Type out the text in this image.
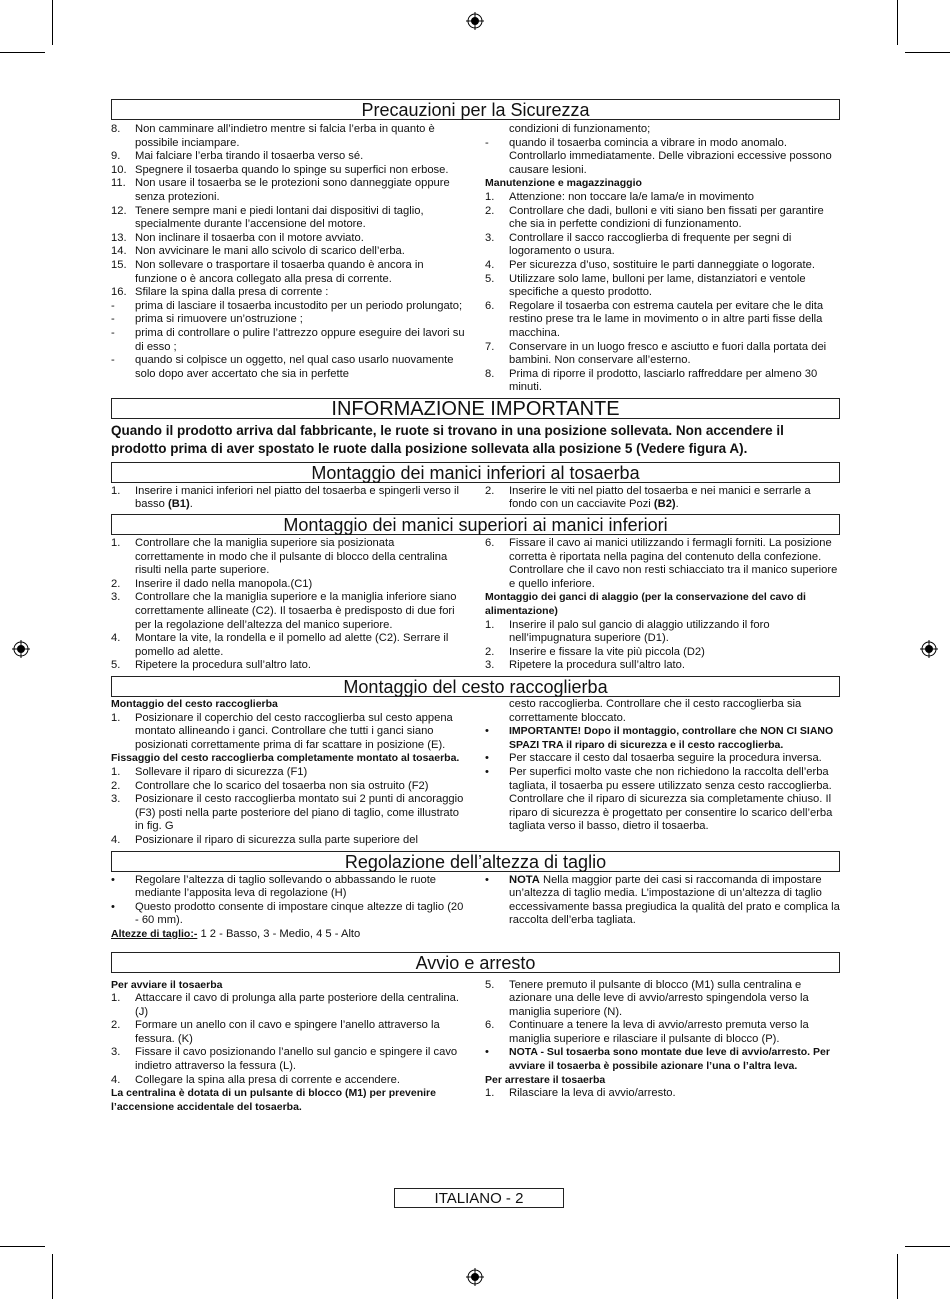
Precauzioni per la Sicurezza
8.	Non camminare all’indietro mentre si falcia l’erba in quanto è possibile inciampare.
9.	Mai falciare l’erba tirando il tosaerba verso sé.
10. Spegnere il tosaerba quando lo spinge su superfici non erbose.
11. Non usare il tosaerba se le protezioni sono danneggiate oppure senza protezioni.
12. Tenere sempre mani e piedi lontani dai dispositivi di taglio, specialmente durante l’accensione del motore.
13. Non inclinare il tosaerba con il motore avviato.
14. Non avvicinare le mani allo scivolo di scarico dell’erba.
15. Non sollevare o trasportare il tosaerba quando è ancora in funzione o è ancora collegato alla presa di corrente.
16. Sfilare la spina dalla presa di corrente :
-	prima di lasciare il tosaerba incustodito per un periodo prolungato;
-	prima si rimuovere un’ostruzione ;
-	prima di controllare o pulire l’attrezzo oppure eseguire dei lavori su di esso ;
-	quando si colpisce un oggetto, nel qual caso usarlo nuovamente solo dopo aver accertato che sia in perfette
condizioni di funzionamento;
-	quando il tosaerba comincia a vibrare in modo anomalo. Controllarlo immediatamente. Delle vibrazioni eccessive possono causare lesioni.
Manutenzione e magazzinaggio
1.	Attenzione: non toccare la/e lama/e in movimento
2.	Controllare che dadi, bulloni e viti siano ben fissati per garantire che sia in perfette condizioni di funzionamento.
3.	Controllare il sacco raccoglierba di frequente per segni di logoramento o usura.
4.	Per sicurezza d’uso, sostituire le parti danneggiate o logorate.
5.	Utilizzare solo lame, bulloni per lame, distanziatori e ventole specifiche a questo prodotto.
6.	Regolare il tosaerba con estrema cautela per evitare che le dita restino prese tra le lame in movimento o in altre parti fisse della macchina.
7.	Conservare in un luogo fresco e asciutto e fuori dalla portata dei bambini. Non conservare all’esterno.
8.	Prima di riporre il prodotto, lasciarlo raffreddare per almeno 30 minuti.
INFORMAZIONE IMPORTANTE
Quando il prodotto arriva dal fabbricante, le ruote si trovano in una posizione sollevata. Non accendere il prodotto prima di aver spostato le ruote dalla posizione sollevata alla posizione 5 (Vedere figura A).
Montaggio dei manici inferiori al tosaerba
1.	Inserire i manici inferiori nel piatto del tosaerba e spingerli verso il basso (B1).
2.	Inserire le viti nel piatto del tosaerba e nei manici e serrarle a fondo con un cacciavite Pozi (B2).
Montaggio dei manici superiori ai manici inferiori
1.	Controllare che la maniglia superiore sia posizionata correttamente in modo che il pulsante di blocco della centralina risulti nella parte superiore.
2.	Inserire il dado nella manopola.(C1)
3.	Controllare che la maniglia superiore e la maniglia inferiore siano correttamente allineate (C2). Il tosaerba è predisposto di due fori per la regolazione dell’altezza del manico superiore.
4.	Montare la vite, la rondella e il pomello ad alette (C2). Serrare il pomello ad alette.
5.	Ripetere la procedura sull’altro lato.
6.	Fissare il cavo ai manici utilizzando i fermagli forniti. La posizione corretta è riportata nella pagina del contenuto della confezione.
Controllare che il cavo non resti schiacciato tra il manico superiore e quello inferiore.
Montaggio dei ganci di alaggio (per la conservazione del cavo di alimentazione)
1.	Inserire il palo sul gancio di alaggio utilizzando il foro nell’impugnatura superiore (D1).
2.	Inserire e fissare la vite più piccola (D2)
3.	Ripetere la procedura sull’altro lato.
Montaggio del cesto raccoglierba
Montaggio del cesto raccoglierba
1.	Posizionare il coperchio del cesto raccoglierba sul cesto appena montato allineando i ganci. Controllare che tutti i ganci siano posizionati correttamente prima di far scattare in posizione (E).
Fissaggio del cesto raccoglierba completamente montato al tosaerba.
1.	Sollevare il riparo di sicurezza (F1)
2.	Controllare che lo scarico del tosaerba non sia ostruito (F2)
3.	Posizionare il cesto raccoglierba montato sui 2 punti di ancoraggio (F3) posti nella parte posteriore del piano di taglio, come illustrato in fig. G
4.	Posizionare il riparo di sicurezza sulla parte superiore del
cesto raccoglierba. Controllare che il cesto raccoglierba sia correttamente bloccato.
•	IMPORTANTE! Dopo il montaggio, controllare che NON CI SIANO SPAZI TRA il riparo di sicurezza e il cesto raccoglierba.
•	Per staccare il cesto dal tosaerba seguire la procedura inversa.
•	Per superfici molto vaste che non richiedono la raccolta dell’erba tagliata, il tosaerba pu essere utilizzato senza cesto raccoglierba. Controllare che il riparo di sicurezza sia completamente chiuso. Il riparo di sicurezza è progettato per consentire lo scarico dell’erba tagliata verso il basso, dietro il tosaerba.
Regolazione dell’altezza di taglio
•	Regolare l’altezza di taglio sollevando o abbassando le ruote mediante l’apposita leva di regolazione (H)
•	Questo prodotto consente di impostare cinque altezze di taglio (20 - 60 mm).
Altezze di taglio:- 1 2 - Basso, 3 - Medio, 4 5 - Alto
•	NOTA Nella maggior parte dei casi si raccomanda di impostare un’altezza di taglio media. L’impostazione di un’altezza di taglio eccessivamente bassa pregiudica la qualità del prato e complica la raccolta dell’erba tagliata.
Avvio e arresto
Per avviare il tosaerba
1.	Attaccare il cavo di prolunga alla parte posteriore della centralina.(J)
2.	Formare un anello con il cavo e spingere l’anello attraverso la fessura. (K)
3.	Fissare il cavo posizionando l’anello sul gancio e spingere il cavo indietro attraverso la fessura (L).
4.	Collegare la spina alla presa di corrente e accendere.
La centralina è dotata di un pulsante di blocco (M1) per prevenire l’accensione accidentale del tosaerba.
5.	Tenere premuto il pulsante di blocco (M1) sulla centralina e azionare una delle leve di avvio/arresto spingendola verso la maniglia superiore (N).
6.	Continuare a tenere la leva di avvio/arresto premuta verso la maniglia superiore e rilasciare il pulsante di blocco (P).
•	NOTA - Sul tosaerba sono montate due leve di avvio/arresto. Per avviare il tosaerba è possibile azionare l’una o l’altra leva.
Per arrestare il tosaerba
1.	Rilasciare la leva di avvio/arresto.
ITALIANO - 2
